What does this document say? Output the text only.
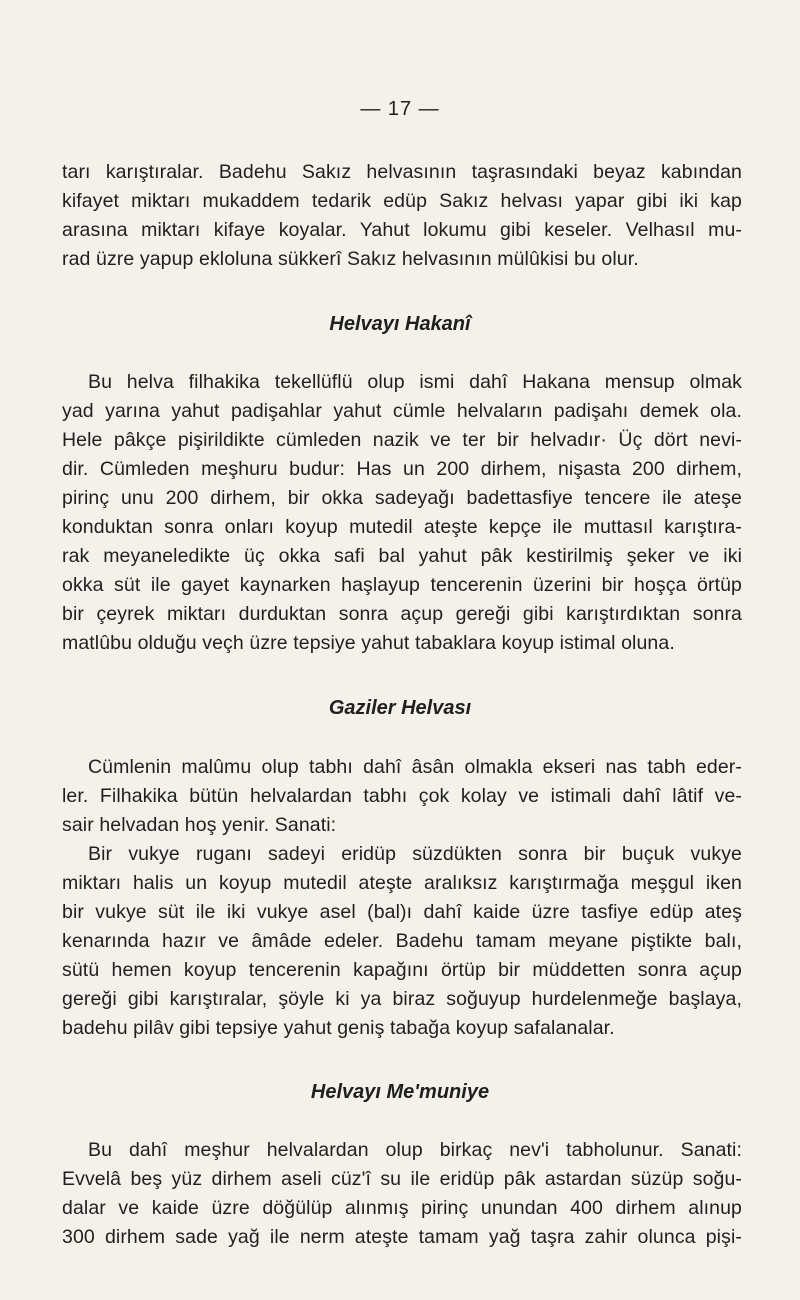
— 17 —

tarı karıştıralar. Badehu Sakız helvasının taşrasındaki beyaz kabından

kifayet miktarı mukaddem tedarik edüp Sakız helvası yapar gibi iki kap

arasına miktarı kifaye koyalar. Yahut lokumu gibi keseler. Velhasıl mu-

rad üzre yapup ekloluna sükkerî Sakız helvasının mülûkisi bu olur.

Helvayı Hakanî

Bu helva filhakika tekellüflü olup ismi dahî Hakana mensup olmak

yad yarına yahut padişahlar yahut cümle helvaların padişahı demek ola.

Hele pâkçe pişirildikte cümleden nazik ve ter bir helvadır· Üç dört nevi-

dir. Cümleden meşhuru budur: Has un 200 dirhem, nişasta 200 dirhem,

pirinç unu 200 dirhem, bir okka sadeyağı badettasfiye tencere ile ateşe

konduktan sonra onları koyup mutedil ateşte kepçe ile muttasıl karıştıra-

rak meyaneledikte üç okka safi bal yahut pâk kestirilmiş şeker ve iki

okka süt ile gayet kaynarken haşlayup tencerenin üzerini bir hoşça örtüp

bir çeyrek miktarı durduktan sonra açup gereği gibi karıştırdıktan sonra

matlûbu olduğu veçh üzre tepsiye yahut tabaklara koyup istimal oluna.

Gaziler Helvası

Cümlenin malûmu olup tabhı dahî âsân olmakla ekseri nas tabh eder-

ler. Filhakika bütün helvalardan tabhı çok kolay ve istimali dahî lâtif ve-

sair helvadan hoş yenir. Sanati:

Bir vukye ruganı sadeyi eridüp süzdükten sonra bir buçuk vukye

miktarı halis un koyup mutedil ateşte aralıksız karıştırmağa meşgul iken

bir vukye süt ile iki vukye asel (bal)ı dahî kaide üzre tasfiye edüp ateş

kenarında hazır ve âmâde edeler. Badehu tamam meyane piştikte balı,

sütü hemen koyup tencerenin kapağını örtüp bir müddetten sonra açup

gereği gibi karıştıralar, şöyle ki ya biraz soğuyup hurdelenmeğe başlaya,

badehu pilâv gibi tepsiye yahut geniş tabağa koyup safalanalar.

Helvayı Me'muniye

Bu dahî meşhur helvalardan olup birkaç nev'i tabholunur. Sanati:

Evvelâ beş yüz dirhem aseli cüz'î su ile eridüp pâk astardan süzüp soğu-

dalar ve kaide üzre döğülüp alınmış pirinç unundan 400 dirhem alınup

300 dirhem sade yağ ile nerm ateşte tamam yağ taşra zahir olunca pişi-
